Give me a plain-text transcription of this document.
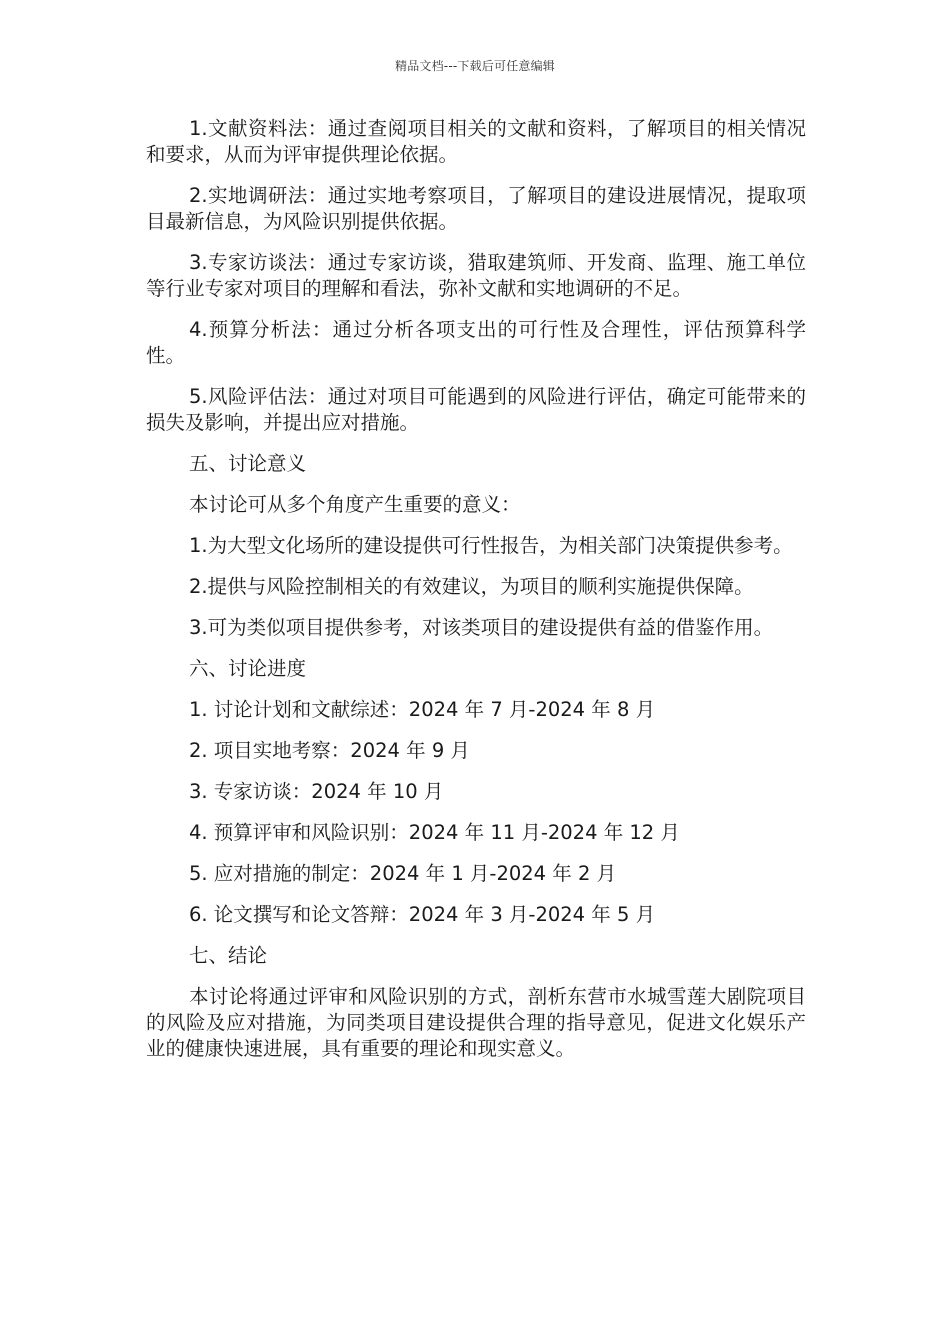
精品文档---下载后可任意编辑

1.文献资料法：通过查阅项目相关的文献和资料，了解项目的相关情况和要求，从而为评审提供理论依据。

2.实地调研法：通过实地考察项目，了解项目的建设进展情况，提取项目最新信息，为风险识别提供依据。

3.专家访谈法：通过专家访谈，猎取建筑师、开发商、监理、施工单位等行业专家对项目的理解和看法，弥补文献和实地调研的不足。

4.预算分析法：通过分析各项支出的可行性及合理性，评估预算科学性。

5.风险评估法：通过对项目可能遇到的风险进行评估，确定可能带来的损失及影响，并提出应对措施。

五、讨论意义

本讨论可从多个角度产生重要的意义：

1.为大型文化场所的建设提供可行性报告，为相关部门决策提供参考。

2.提供与风险控制相关的有效建议，为项目的顺利实施提供保障。

3.可为类似项目提供参考，对该类项目的建设提供有益的借鉴作用。

六、讨论进度

1. 讨论计划和文献综述：2024 年 7 月-2024 年 8 月

2. 项目实地考察：2024 年 9 月

3. 专家访谈：2024 年 10 月

4. 预算评审和风险识别：2024 年 11 月-2024 年 12 月

5. 应对措施的制定：2024 年 1 月-2024 年 2 月

6. 论文撰写和论文答辩：2024 年 3 月-2024 年 5 月

七、结论

本讨论将通过评审和风险识别的方式，剖析东营市水城雪莲大剧院项目的风险及应对措施，为同类项目建设提供合理的指导意见，促进文化娱乐产业的健康快速进展，具有重要的理论和现实意义。
